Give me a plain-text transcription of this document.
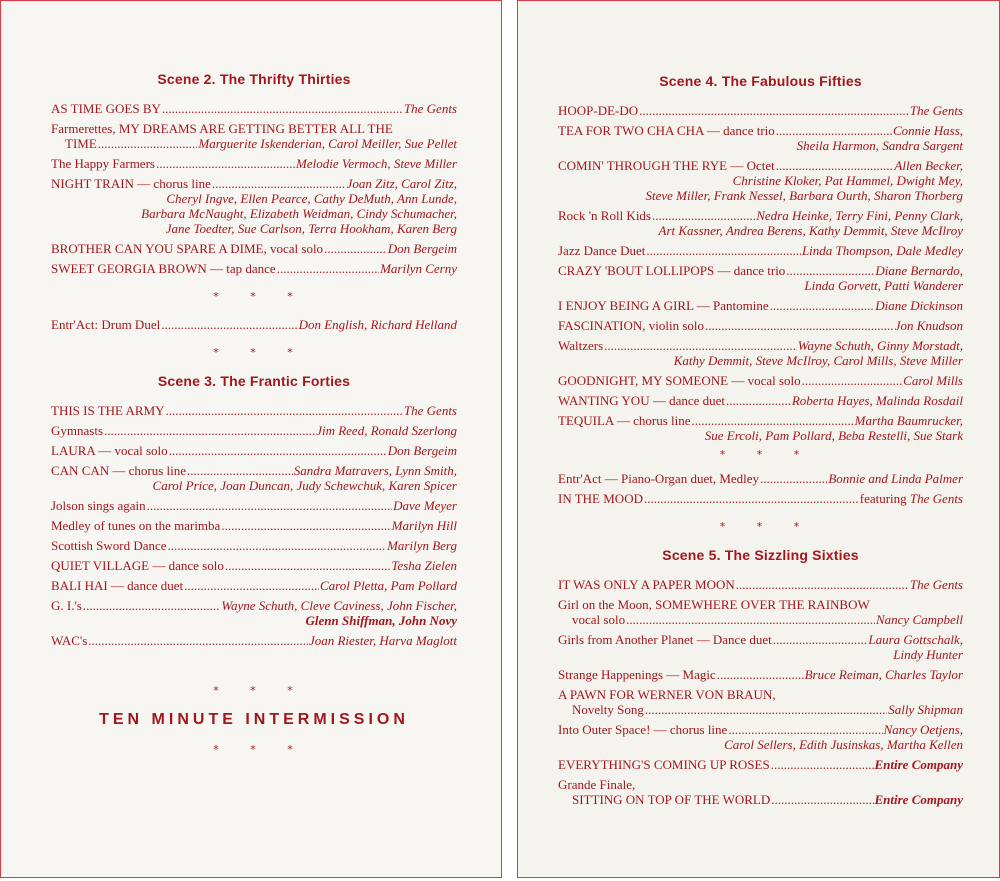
Scene 2. The Thrifty Thirties
AS TIME GOES BY .....	The Gents
Farmerettes, MY DREAMS ARE GETTING BETTER ALL THE
TIME .....	Marguerite Iskenderian, Carol Meiller, Sue Pellet
The Happy Farmers .....	Melodie Vermoch, Steve Miller
NIGHT TRAIN — chorus line .....	Joan Zitz, Carol Zitz,
Cheryl Ingve, Ellen Pearce, Cathy DeMuth, Ann Lunde,
Barbara McNaught, Elizabeth Weidman, Cindy Schumacher,
Jane Toedter, Sue Carlson, Terra Hookham, Karen Berg
BROTHER CAN YOU SPARE A DIME, vocal solo .....	Don Bergeim
SWEET GEORGIA BROWN — tap dance .....	Marilyn Cerny
* * *
Entr'Act: Drum Duel .....	Don English, Richard Helland
* * *
Scene 3. The Frantic Forties
THIS IS THE ARMY .....	The Gents
Gymnasts .....	Jim Reed, Ronald Szerlong
LAURA — vocal solo .....	Don Bergeim
CAN CAN — chorus line .....	Sandra Matravers, Lynn Smith,
Carol Price, Joan Duncan, Judy Schewchuk, Karen Spicer
Jolson sings again .....	Dave Meyer
Medley of tunes on the marimba .....	Marilyn Hill
Scottish Sword Dance .....	Marilyn Berg
QUIET VILLAGE — dance solo .....	Tesha Zielen
BALI HAI — dance duet .....	Carol Pletta, Pam Pollard
G. I.'s .....	Wayne Schuth, Cleve Caviness, John Fischer,
Glenn Shiffman, John Novy
WAC's .....	Joan Riester, Harva Maglott
* * *
TEN MINUTE INTERMISSION
* * *
Scene 4. The Fabulous Fifties
HOOP-DE-DO .....	The Gents
TEA FOR TWO CHA CHA — dance trio .....	Connie Hass,
Sheila Harmon, Sandra Sargent
COMIN' THROUGH THE RYE — Octet .....	Allen Becker,
Christine Kloker, Pat Hammel, Dwight Mey,
Steve Miller, Frank Nessel, Barbara Ourth, Sharon Thorberg
Rock 'n Roll Kids .....	Nedra Heinke, Terry Fini, Penny Clark,
Art Kassner, Andrea Berens, Kathy Demmit, Steve McIlroy
Jazz Dance Duet .....	Linda Thompson, Dale Medley
CRAZY 'BOUT LOLLIPOPS — dance trio .....	Diane Bernardo,
Linda Gorvett, Patti Wanderer
I ENJOY BEING A GIRL — Pantomine .....	Diane Dickinson
FASCINATION, violin solo .....	Jon Knudson
Waltzers .....	Wayne Schuth, Ginny Morstadt,
Kathy Demmit, Steve McIlroy, Carol Mills, Steve Miller
GOODNIGHT, MY SOMEONE — vocal solo .....	Carol Mills
WANTING YOU — dance duet .....	Roberta Hayes, Malinda Rosdail
TEQUILA — chorus line .....	Martha Baumrucker,
Sue Ercoli, Pam Pollard, Beba Restelli, Sue Stark
* * *
Entr'Act — Piano-Organ duet, Medley .....	Bonnie and Linda Palmer
IN THE MOOD .....	featuring
The Gents
* * *
Scene 5. The Sizzling Sixties
IT WAS ONLY A PAPER MOON .....	The Gents
Girl on the Moon, SOMEWHERE OVER THE RAINBOW
vocal solo .....	Nancy Campbell
Girls from Another Planet — Dance duet .....	Laura Gottschalk,
Lindy Hunter
Strange Happenings — Magic .....	Bruce Reiman, Charles Taylor
A PAWN FOR WERNER VON BRAUN,
Novelty Song .....	Sally Shipman
Into Outer Space! — chorus line .....	Nancy Oetjens,
Carol Sellers, Edith Jusinskas, Martha Kellen
EVERYTHING'S COMING UP ROSES .....	Entire Company
Grande Finale,
SITTING ON TOP OF THE WORLD .....	Entire Company
